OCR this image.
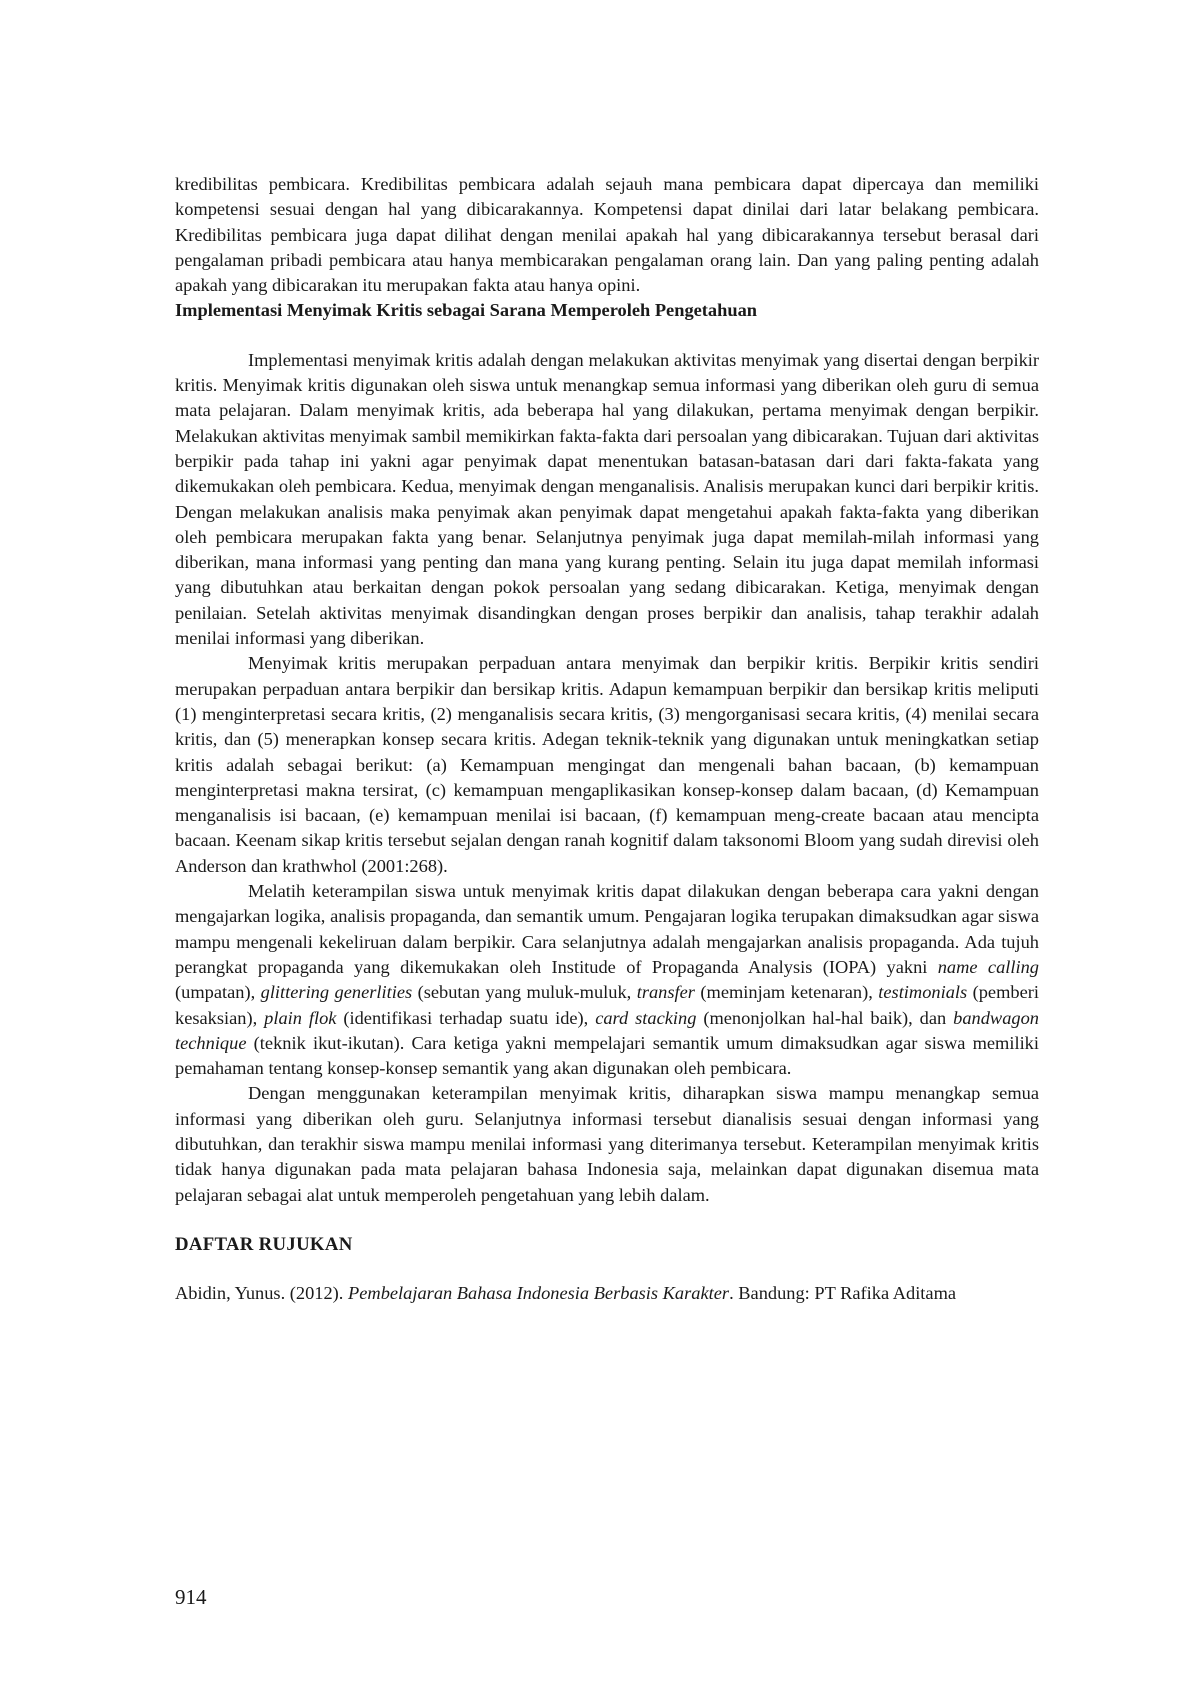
kredibilitas pembicara. Kredibilitas pembicara adalah sejauh mana pembicara dapat dipercaya dan memiliki kompetensi sesuai dengan hal yang dibicarakannya. Kompetensi dapat dinilai dari latar belakang pembicara. Kredibilitas pembicara juga dapat dilihat dengan menilai apakah hal yang dibicarakannya tersebut berasal dari pengalaman pribadi pembicara atau hanya membicarakan pengalaman orang lain. Dan yang paling penting adalah apakah yang dibicarakan itu merupakan fakta atau hanya opini.

Implementasi Menyimak Kritis sebagai Sarana Memperoleh Pengetahuan

Implementasi menyimak kritis adalah dengan melakukan aktivitas menyimak yang disertai dengan berpikir kritis. Menyimak kritis digunakan oleh siswa untuk menangkap semua informasi yang diberikan oleh guru di semua mata pelajaran. Dalam menyimak kritis, ada beberapa hal yang dilakukan, pertama menyimak dengan berpikir. Melakukan aktivitas menyimak sambil memikirkan fakta-fakta dari persoalan yang dibicarakan. Tujuan dari aktivitas berpikir pada tahap ini yakni agar penyimak dapat menentukan batasan-batasan dari dari fakta-fakata yang dikemukakan oleh pembicara. Kedua, menyimak dengan menganalisis. Analisis merupakan kunci dari berpikir kritis. Dengan melakukan analisis maka penyimak akan penyimak dapat mengetahui apakah fakta-fakta yang diberikan oleh pembicara merupakan fakta yang benar. Selanjutnya penyimak juga dapat memilah-milah informasi yang diberikan, mana informasi yang penting dan mana yang kurang penting. Selain itu juga dapat memilah informasi yang dibutuhkan atau berkaitan dengan pokok persoalan yang sedang dibicarakan. Ketiga, menyimak dengan penilaian. Setelah aktivitas menyimak disandingkan dengan proses berpikir dan analisis, tahap terakhir adalah menilai informasi yang diberikan.

Menyimak kritis merupakan perpaduan antara menyimak dan berpikir kritis. Berpikir kritis sendiri merupakan perpaduan antara berpikir dan bersikap kritis. Adapun kemampuan berpikir dan bersikap kritis meliputi (1) menginterpretasi secara kritis, (2) menganalisis secara kritis, (3) mengorganisasi secara kritis, (4) menilai secara kritis, dan (5) menerapkan konsep secara kritis. Adegan teknik-teknik yang digunakan untuk meningkatkan setiap kritis adalah sebagai berikut: (a) Kemampuan mengingat dan mengenali bahan bacaan, (b) kemampuan menginterpretasi makna tersirat, (c) kemampuan mengaplikasikan konsep-konsep dalam bacaan, (d) Kemampuan menganalisis isi bacaan, (e) kemampuan menilai isi bacaan, (f) kemampuan meng-create bacaan atau mencipta bacaan. Keenam sikap kritis tersebut sejalan dengan ranah kognitif dalam taksonomi Bloom yang sudah direvisi oleh Anderson dan krathwhol (2001:268).

Melatih keterampilan siswa untuk menyimak kritis dapat dilakukan dengan beberapa cara yakni dengan mengajarkan logika, analisis propaganda, dan semantik umum. Pengajaran logika terupakan dimaksudkan agar siswa mampu mengenali kekeliruan dalam berpikir. Cara selanjutnya adalah mengajarkan analisis propaganda. Ada tujuh perangkat propaganda yang dikemukakan oleh Institude of Propaganda Analysis (IOPA) yakni name calling (umpatan), glittering generlities (sebutan yang muluk-muluk, transfer (meminjam ketenaran), testimonials (pemberi kesaksian), plain flok (identifikasi terhadap suatu ide), card stacking (menonjolkan hal-hal baik), dan bandwagon technique (teknik ikut-ikutan). Cara ketiga yakni mempelajari semantik umum dimaksudkan agar siswa memiliki pemahaman tentang konsep-konsep semantik yang akan digunakan oleh pembicara.

Dengan menggunakan keterampilan menyimak kritis, diharapkan siswa mampu menangkap semua informasi yang diberikan oleh guru. Selanjutnya informasi tersebut dianalisis sesuai dengan informasi yang dibutuhkan, dan terakhir siswa mampu menilai informasi yang diterimanya tersebut. Keterampilan menyimak kritis tidak hanya digunakan pada mata pelajaran bahasa Indonesia saja, melainkan dapat digunakan disemua mata pelajaran sebagai alat untuk memperoleh pengetahuan yang lebih dalam.

DAFTAR RUJUKAN

Abidin, Yunus. (2012). Pembelajaran Bahasa Indonesia Berbasis Karakter. Bandung: PT Rafika Aditama

914
